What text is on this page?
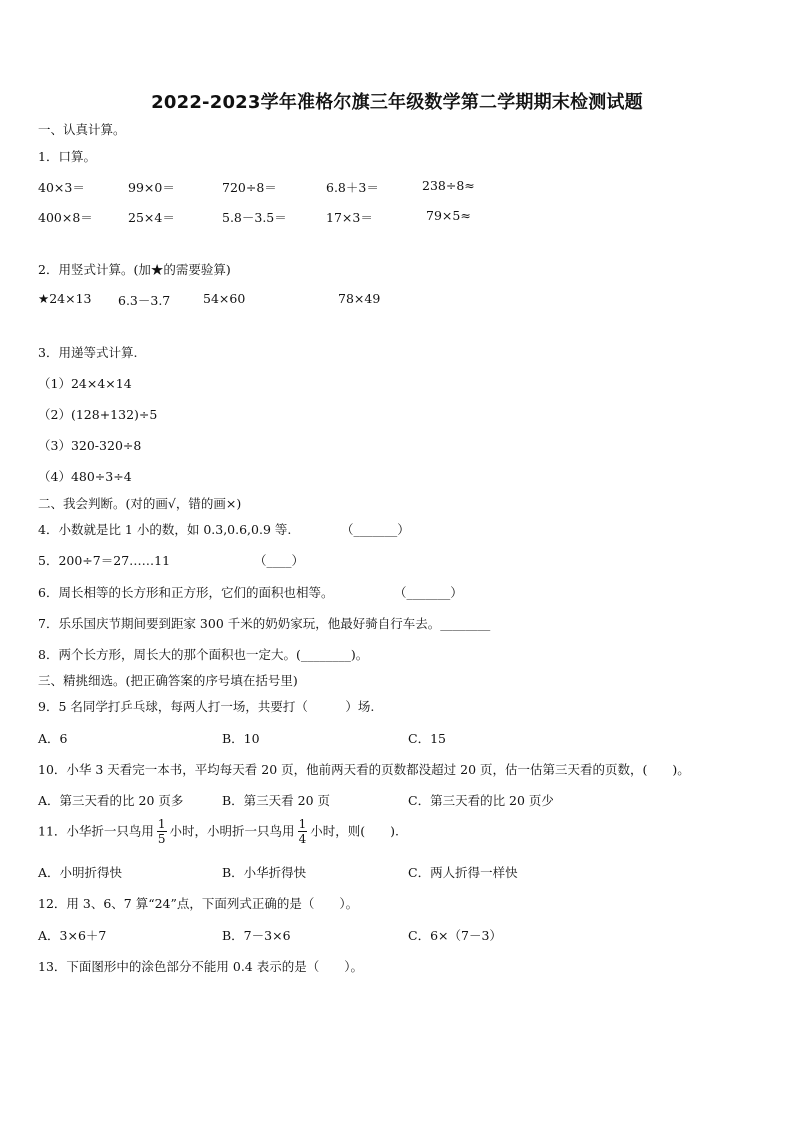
2022-2023学年准格尔旗三年级数学第二学期期末检测试题
一、认真计算。
1．口算。
40×3＝	99×0＝	720÷8＝	6.8＋3＝	238÷8≈
400×8＝	25×4＝	5.8－3.5＝	17×3＝	79×5≈
2．用竖式计算。(加★的需要验算)
★24×13 6.3－3.7	54×60	78×49
3．用递等式计算.
（1）24×4×14
（2）(128+132)÷5
（3）320-320÷8
（4）480÷3÷4
二、我会判断。(对的画√，错的画×)
4．小数就是比 1 小的数，如 0.3,0.6,0.9 等.	（_______）
5．200÷7＝27……11	（____）
6．周长相等的长方形和正方形，它们的面积也相等。	（_______）
7．乐乐国庆节期间要到距家 300 千米的奶奶家玩，他最好骑自行车去。________
8．两个长方形，周长大的那个面积也一定大。(________)。
三、精挑细选。(把正确答案的序号填在括号里)
9．5 名同学打乒乓球，每两人打一场，共要打（　　　）场.
A．6	B．10	C．15
10．小华 3 天看完一本书，平均每天看 20 页，他前两天看的页数都没超过 20 页，估一估第三天看的页数，(　　)。
A．第三天看的比 20 页多	B．第三天看 20 页	C．第三天看的比 20 页少
11．小华折一只鸟用 $\frac{1}{5}$ 小时，小明折一只鸟用 $\frac{1}{4}$ 小时，则(　　).
A．小明折得快	B．小华折得快	C．两人折得一样快
12．用 3、6、7 算“24”点，下面列式正确的是（　　）。
A．3×6＋7	B．7－3×6	C．6×（7－3）
13．下面图形中的涂色部分不能用 0.4 表示的是（　　）。
